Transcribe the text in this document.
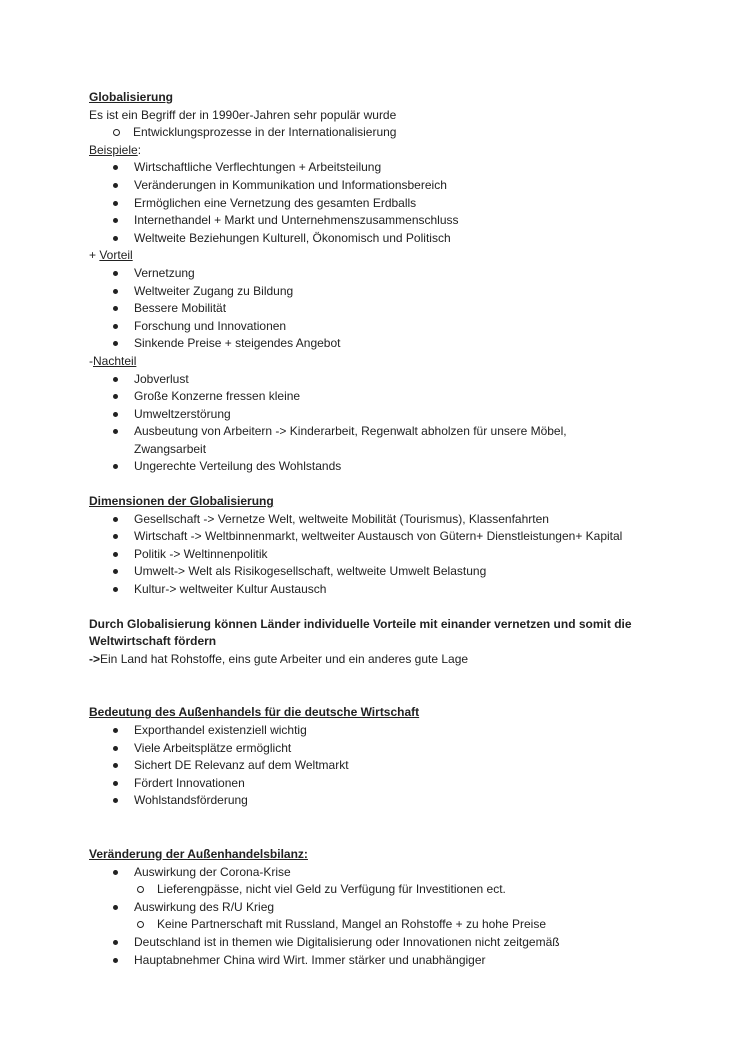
Globalisierung

Es ist ein Begriff der in 1990er-Jahren sehr populär wurde

Entwicklungsprozesse in der Internationalisierung

Beispiele:

Wirtschaftliche Verflechtungen + Arbeitsteilung
Veränderungen in Kommunikation und Informationsbereich
Ermöglichen eine Vernetzung des gesamten Erdballs
Internethandel + Markt und Unternehmenszusammenschluss
Weltweite Beziehungen Kulturell, Ökonomisch und Politisch

+ Vorteil

Vernetzung
Weltweiter Zugang zu Bildung
Bessere Mobilität
Forschung und Innovationen
Sinkende Preise + steigendes Angebot

-Nachteil

Jobverlust
Große Konzerne fressen kleine
Umweltzerstörung
Ausbeutung von Arbeitern -> Kinderarbeit, Regenwalt abholzen für unsere Möbel, Zwangsarbeit
Ungerechte Verteilung des Wohlstands

Dimensionen der Globalisierung

Gesellschaft -> Vernetze Welt, weltweite Mobilität (Tourismus), Klassenfahrten
Wirtschaft -> Weltbinnenmarkt, weltweiter Austausch von Gütern+ Dienstleistungen+ Kapital
Politik -> Weltinnenpolitik
Umwelt-> Welt als Risikogesellschaft, weltweite Umwelt Belastung
Kultur-> weltweiter Kultur Austausch

Durch Globalisierung können Länder individuelle Vorteile mit einander vernetzen und somit die

Weltwirtschaft fördern

->Ein Land hat Rohstoffe, eins gute Arbeiter und ein anderes gute Lage

Bedeutung des Außenhandels für die deutsche Wirtschaft

Exporthandel existenziell wichtig
Viele Arbeitsplätze ermöglicht
Sichert DE Relevanz auf dem Weltmarkt
Fördert Innovationen
Wohlstandsförderung

Veränderung der Außenhandelsbilanz:

Auswirkung der Corona-Krise
Lieferengpässe, nicht viel Geld zu Verfügung für Investitionen ect.
Auswirkung des R/U Krieg
Keine Partnerschaft mit Russland, Mangel an Rohstoffe + zu hohe Preise
Deutschland ist in themen wie Digitalisierung oder Innovationen nicht zeitgemäß
Hauptabnehmer China wird Wirt. Immer stärker und unabhängiger
